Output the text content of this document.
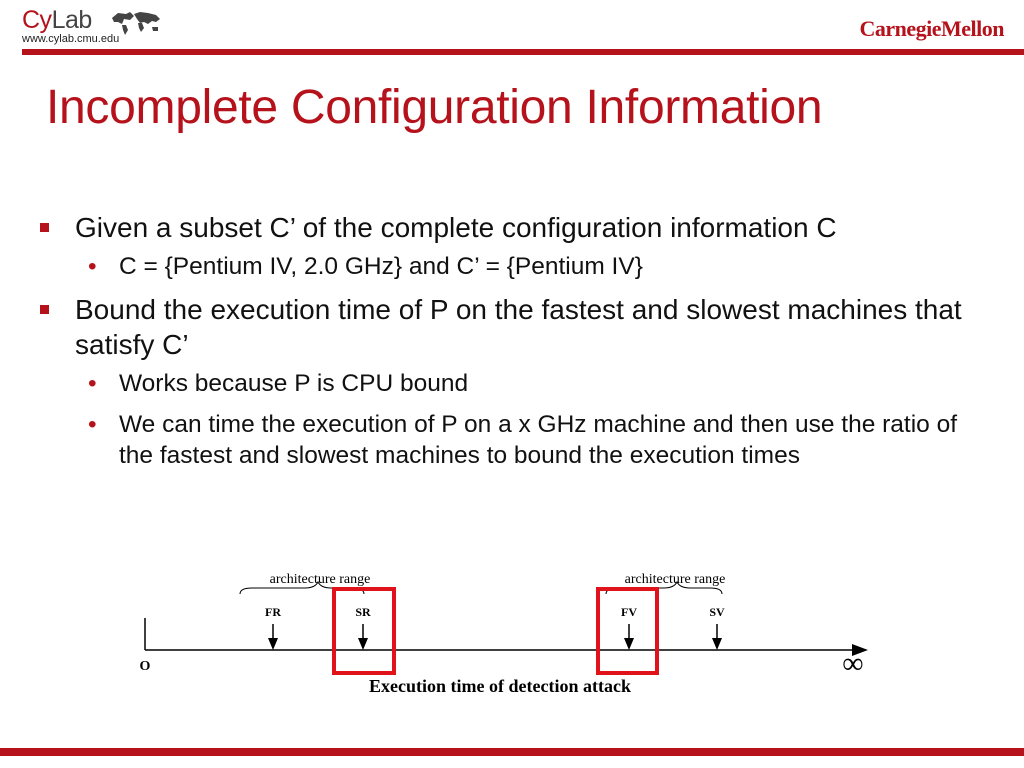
CyLab
www.cylab.cmu.edu	CarnegieMellon
Incomplete Configuration Information
Given a subset C’ of the complete configuration information C
• C = {Pentium IV, 2.0 GHz} and C’ = {Pentium IV}
Bound the execution time of P on the fastest and slowest machines that satisfy C’
• Works because P is CPU bound
• We can time the execution of P on a x GHz machine and then use the ratio of the fastest and slowest machines to bound the execution times
architecture range	architecture range
FR	SR	FV	SV
O	∞
Execution time of detection attack
